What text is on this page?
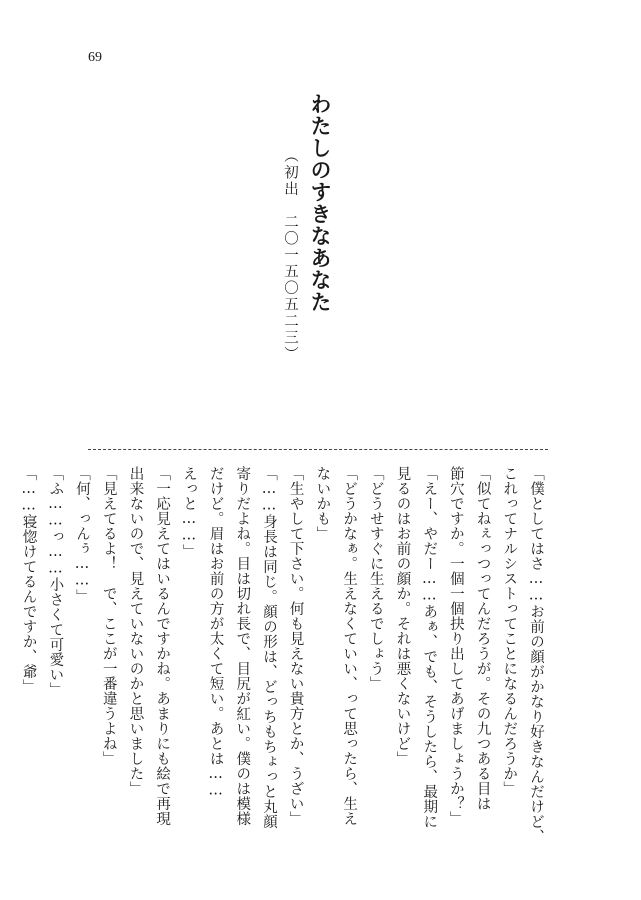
69
わたしのすきなあなた
（初出　二〇一五〇五二三）
「僕としてはさ……お前の顔がかなり好きなんだけど、
これってナルシストってことになるんだろうか」
「似てねぇっつってんだろうが。その九つある目は
節穴ですか。一個一個抉り出してあげましょうか？」
「えー、やだー……あぁ、でも、そうしたら、最期に
見るのはお前の顔か。それは悪くないけど」
「どうせすぐに生えるでしょう」
「どうかなぁ。生えなくていい、って思ったら、生え
ないかも」
「生やして下さい。何も見えない貴方とか、うざい」
「……身長は同じ。顔の形は、どっちもちょっと丸顔
寄りだよね。目は切れ長で、目尻が紅い。僕のは模様
だけど。眉はお前の方が太くて短い。あとは……
えっと……」
「一応見えてはいるんですかね。あまりにも絵で再現
出来ないので、見えていないのかと思いました」
「見えてるよ！　で、ここが一番違うよね」
「何、っんぅ……」
「ふ……っ……小さくて可愛い」
「……寝惚けてるんですか、爺」
